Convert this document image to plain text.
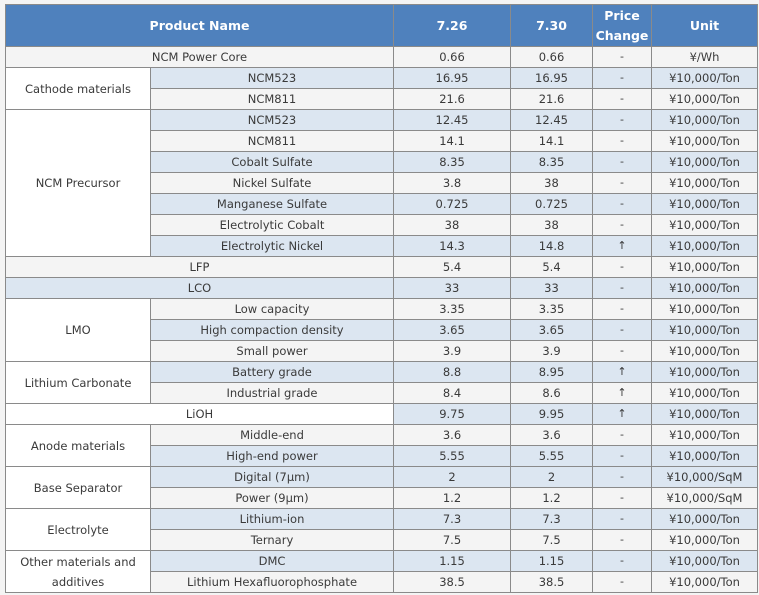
Product Name		7.26	7.30	Price Change	Unit
NCM Power Core		0.66	0.66	-	¥/Wh
Cathode materials	NCM523	16.95	16.95	-	¥10,000/Ton
	NCM811	21.6	21.6	-	¥10,000/Ton
NCM Precursor	NCM523	12.45	12.45	-	¥10,000/Ton
	NCM811	14.1	14.1	-	¥10,000/Ton
	Cobalt Sulfate	8.35	8.35	-	¥10,000/Ton
	Nickel Sulfate	3.8	38	-	¥10,000/Ton
	Manganese Sulfate	0.725	0.725	-	¥10,000/Ton
	Electrolytic Cobalt	38	38	-	¥10,000/Ton
	Electrolytic Nickel	14.3	14.8	↑	¥10,000/Ton
LFP		5.4	5.4	-	¥10,000/Ton
LCO		33	33	-	¥10,000/Ton
LMO	Low capacity	3.35	3.35	-	¥10,000/Ton
	High compaction density	3.65	3.65	-	¥10,000/Ton
	Small power	3.9	3.9	-	¥10,000/Ton
Lithium Carbonate	Battery grade	8.8	8.95	↑	¥10,000/Ton
	Industrial grade	8.4	8.6	↑	¥10,000/Ton
LiOH		9.75	9.95	↑	¥10,000/Ton
Anode materials	Middle-end	3.6	3.6	-	¥10,000/Ton
	High-end power	5.55	5.55	-	¥10,000/Ton
Base Separator	Digital (7μm)	2	2	-	¥10,000/SqM
	Power (9μm)	1.2	1.2	-	¥10,000/SqM
Electrolyte	Lithium-ion	7.3	7.3	-	¥10,000/Ton
	Ternary	7.5	7.5	-	¥10,000/Ton
Other materials and additives	DMC	1.15	1.15	-	¥10,000/Ton
	Lithium Hexafluorophosphate	38.5	38.5	-	¥10,000/Ton
